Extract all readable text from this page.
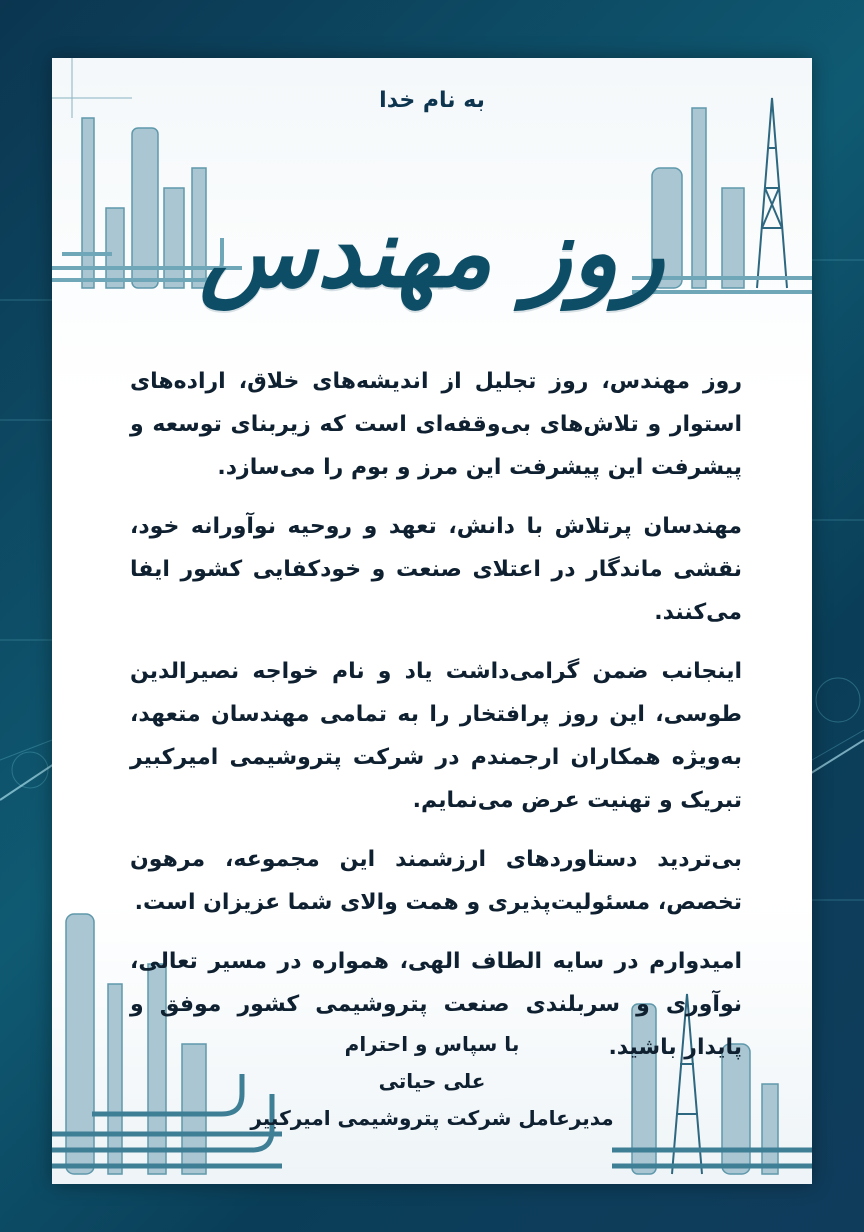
به نام خدا
روز مهندس

روز مهندس، روز تجلیل از اندیشه‌های خلاق، اراده‌های استوار و تلاش‌های بی‌وقفه‌ای است که زیربنای توسعه و پیشرفت این پیشرفت این مرز و بوم را می‌سازد.

مهندسان پرتلاش با دانش، تعهد و روحیه نوآورانه خود، نقشی ماندگار در اعتلای صنعت و خودکفایی کشور ایفا می‌کنند.

اینجانب ضمن گرامی‌داشت یاد و نام خواجه نصیرالدین طوسی، این روز پرافتخار را به تمامی مهندسان متعهد، به‌ویژه همکاران ارجمندم در شرکت پتروشیمی امیرکبیر تبریک و تهنیت عرض می‌نمایم.

بی‌تردید دستاوردهای ارزشمند این مجموعه، مرهون تخصص، مسئولیت‌پذیری و همت والای شما عزیزان است.

امیدوارم در سایه الطاف الهی، همواره در مسیر تعالی، نوآوری و سربلندی صنعت پتروشیمی کشور موفق و پایدار باشید.

با سپاس و احترام
علی حیاتی
مدیرعامل شرکت پتروشیمی امیرکبیر
